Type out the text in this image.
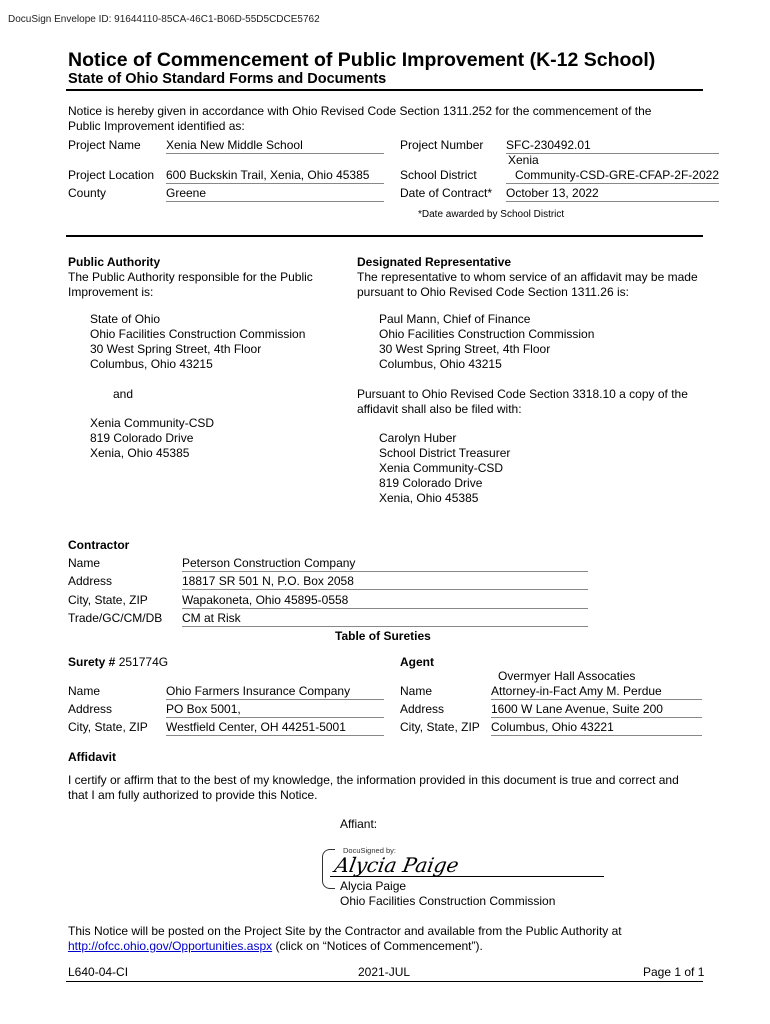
DocuSign Envelope ID: 91644110-85CA-46C1-B06D-55D5CDCE5762
Notice of Commencement of Public Improvement (K-12 School)
State of Ohio Standard Forms and Documents
Notice is hereby given in accordance with Ohio Revised Code Section 1311.252 for the commencement of the
Public Improvement identified as:
Project Name Xenia New Middle School
Project Location 600 Buckskin Trail, Xenia, Ohio 45385
County	Greene
Project Number SFC-230492.01
Xenia
School District	Community-CSD-GRE-CFAP-2F-2022
Date of Contract* October 13, 2022
*Date awarded by School District
Public Authority
The Public Authority responsible for the Public
Improvement is:
State of Ohio
Ohio Facilities Construction Commission
30 West Spring Street, 4th Floor
Columbus, Ohio 43215
and
Xenia Community-CSD
819 Colorado Drive
Xenia, Ohio 45385
Designated Representative
The representative to whom service of an affidavit may be made
pursuant to Ohio Revised Code Section 1311.26 is:
Paul Mann, Chief of Finance
Ohio Facilities Construction Commission
30 West Spring Street, 4th Floor
Columbus, Ohio 43215
Pursuant to Ohio Revised Code Section 3318.10 a copy of the
affidavit shall also be filed with:
Carolyn Huber
School District Treasurer
Xenia Community-CSD
819 Colorado Drive
Xenia, Ohio 45385
Contractor
Name	Peterson Construction Company
Address	18817 SR 501 N, P.O. Box 2058
City, State, ZIP	Wapakoneta, Ohio 45895-0558
Trade/GC/CM/DB CM at Risk
Table of Sureties
Surety # 251774G
Name	Ohio Farmers Insurance Company
Address	PO Box 5001,
City, State, ZIP Westfield Center, OH 44251-5001
Agent
Overmyer Hall Assocaties
Name	Attorney-in-Fact Amy M. Perdue
Address	1600 W Lane Avenue, Suite 200
City, State, ZIP Columbus, Ohio 43221
Affidavit
I certify or affirm that to the best of my knowledge, the information provided in this document is true and correct and
that I am fully authorized to provide this Notice.
Affiant:
DocuSigned by:
Alycia Paige
Alycia Paige
Ohio Facilities Construction Commission
This Notice will be posted on the Project Site by the Contractor and available from the Public Authority at
http://ofcc.ohio.gov/Opportunities.aspx (click on “Notices of Commencement”).
L640-04-CI	2021-JUL	Page 1 of 1
